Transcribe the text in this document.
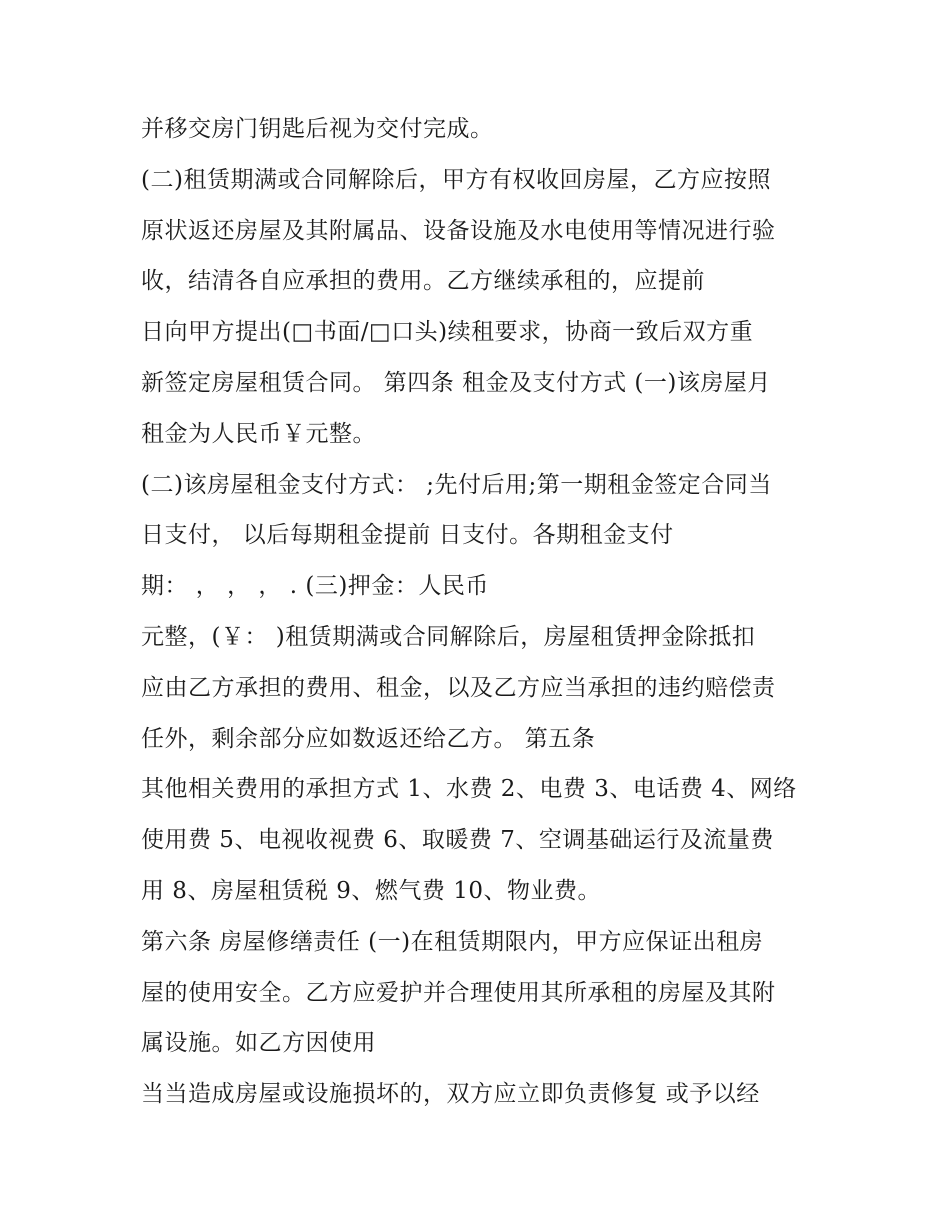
并移交房门钥匙后视为交付完成。
(二)租赁期满或合同解除后，甲方有权收回房屋，乙方应按照
原状返还房屋及其附属品、设备设施及水电使用等情况进行验
收，结清各自应承担的费用。乙方继续承租的，应提前
日向甲方提出(□书面/□口头)续租要求，协商一致后双方重
新签定房屋租赁合同。 第四条 租金及支付方式 (一)该房屋月
租金为人民币￥元整。
(二)该房屋租金支付方式： ;先付后用;第一期租金签定合同当
日支付， 以后每期租金提前 日支付。各期租金支付
期： ， ， ， . (三)押金：人民币
元整，(￥： )租赁期满或合同解除后，房屋租赁押金除抵扣
应由乙方承担的费用、租金，以及乙方应当承担的违约赔偿责
任外，剩余部分应如数返还给乙方。 第五条
其他相关费用的承担方式 1、水费 2、电费 3、电话费 4、网络
使用费 5、电视收视费 6、取暖费 7、空调基础运行及流量费
用 8、房屋租赁税 9、燃气费 10、物业费。
第六条 房屋修缮责任 (一)在租赁期限内，甲方应保证出租房
屋的使用安全。乙方应爱护并合理使用其所承租的房屋及其附
属设施。如乙方因使用
当当造成房屋或设施损坏的，双方应立即负责修复 或予以经
